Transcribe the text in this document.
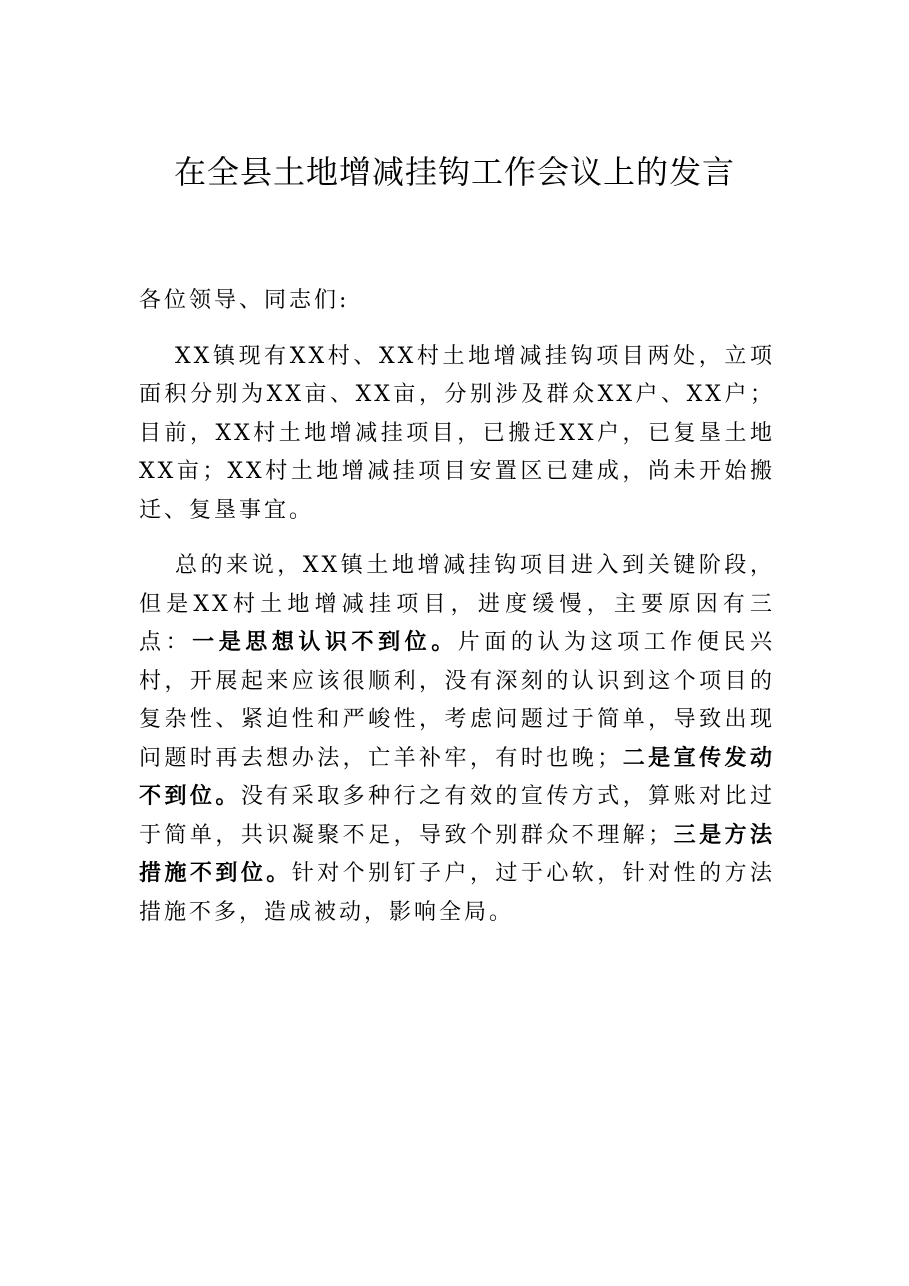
在全县土地增减挂钩工作会议上的发言

各位领导、同志们:

XX镇现有XX村、XX村土地增减挂钩项目两处，立项面积分别为XX亩、XX亩，分别涉及群众XX户、XX户；目前，XX村土地增减挂项目，已搬迁XX户，已复垦土地XX亩；XX村土地增减挂项目安置区已建成，尚未开始搬迁、复垦事宜。

总的来说，XX镇土地增减挂钩项目进入到关键阶段，但是XX村土地增减挂项目，进度缓慢，主要原因有三点：一是思想认识不到位。片面的认为这项工作便民兴村，开展起来应该很顺利，没有深刻的认识到这个项目的复杂性、紧迫性和严峻性，考虑问题过于简单，导致出现问题时再去想办法，亡羊补牢，有时也晚；二是宣传发动不到位。没有采取多种行之有效的宣传方式，算账对比过于简单，共识凝聚不足，导致个别群众不理解；三是方法措施不到位。针对个别钉子户，过于心软，针对性的方法措施不多，造成被动，影响全局。
